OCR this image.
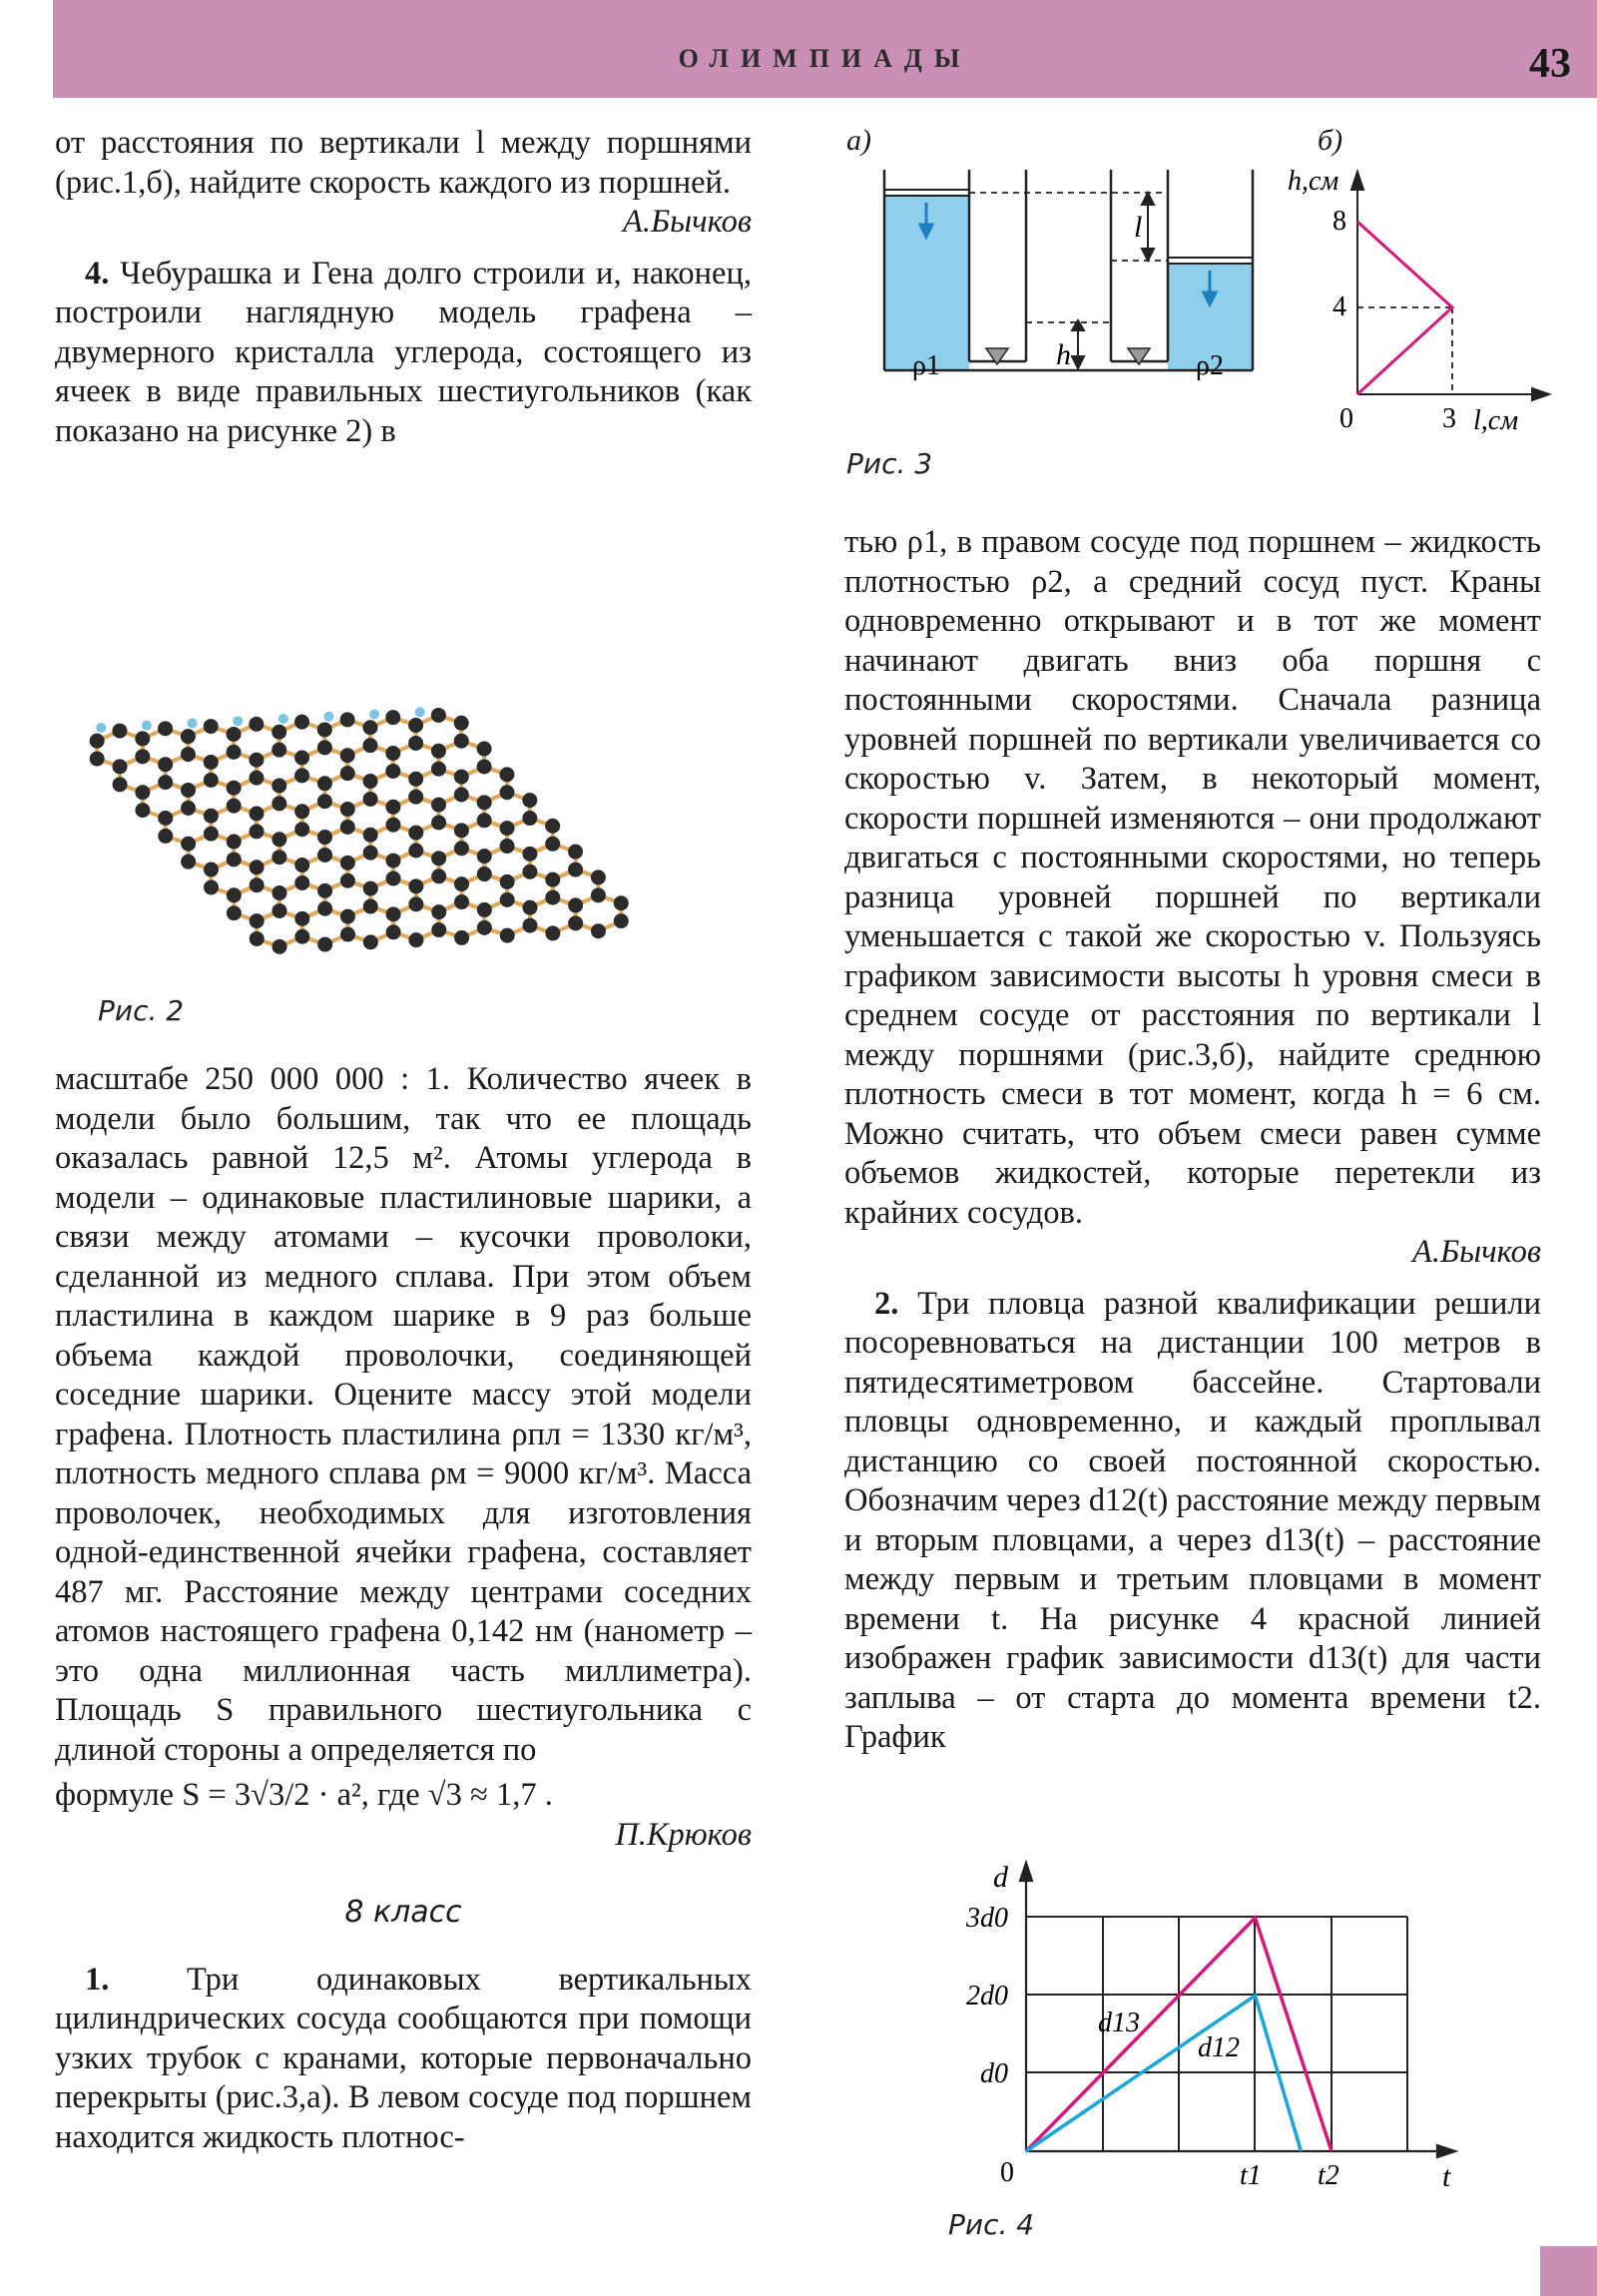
ОЛИМПИАДЫ	43

от расстояния по вертикали l между поршнями (рис.1,б), найдите скорость каждого из поршней.

А.Бычков

4. Чебурашка и Гена долго строили и, наконец, построили наглядную модель графена – двумерного кристалла углерода, состоящего из ячеек в виде правильных шестиугольников (как показано на рисунке 2) в

Рис. 2

масштабе 250 000 000 : 1. Количество ячеек в модели было большим, так что ее площадь оказалась равной 12,5 м². Атомы углерода в модели – одинаковые пластилиновые шарики, а связи между атомами – кусочки проволоки, сделанной из медного сплава. При этом объем пластилина в каждом шарике в 9 раз больше объема каждой проволочки, соединяющей соседние шарики. Оцените массу этой модели графена. Плотность пластилина ρпл = 1330 кг/м³, плотность медного сплава ρм = 9000 кг/м³. Масса проволочек, необходимых для изготовления одной-единственной ячейки графена, составляет 487 мг. Расстояние между центрами соседних атомов настоящего графена 0,142 нм (нанометр – это одна миллионная часть миллиметра). Площадь S правильного шестиугольника с длиной стороны a определяется по

формуле S = 3√3/2 · a², где √3 ≈ 1,7 .

П.Крюков

8 класс

1. Три одинаковых вертикальных цилиндрических сосуда сообщаются при помощи узких трубок с кранами, которые первоначально перекрыты (рис.3,а). В левом сосуде под поршнем находится жидкость плотнос-

а)	б)
l
h
ρ1	ρ2
h,см
l,см
8
4
0	3
Рис. 3

тью ρ1, в правом сосуде под поршнем – жидкость плотностью ρ2, а средний сосуд пуст. Краны одновременно открывают и в тот же момент начинают двигать вниз оба поршня с постоянными скоростями. Сначала разница уровней поршней по вертикали увеличивается со скоростью v. Затем, в некоторый момент, скорости поршней изменяются – они продолжают двигаться с постоянными скоростями, но теперь разница уровней поршней по вертикали уменьшается с такой же скоростью v. Пользуясь графиком зависимости высоты h уровня смеси в среднем сосуде от расстояния по вертикали l между поршнями (рис.3,б), найдите среднюю плотность смеси в тот момент, когда h = 6 см. Можно считать, что объем смеси равен сумме объемов жидкостей, которые перетекли из крайних сосудов.

А.Бычков

2. Три пловца разной квалификации решили посоревноваться на дистанции 100 метров в пятидесятиметровом бассейне. Стартовали пловцы одновременно, и каждый проплывал дистанцию со своей постоянной скоростью. Обозначим через d12(t) расстояние между первым и вторым пловцами, а через d13(t) – расстояние между первым и третьим пловцами в момент времени t. На рисунке 4 красной линией изображен график зависимости d13(t) для части заплыва – от старта до момента времени t2. График

d
t
3d0
2d0
d0
0	t1 t2
d13
d12
Рис. 4
